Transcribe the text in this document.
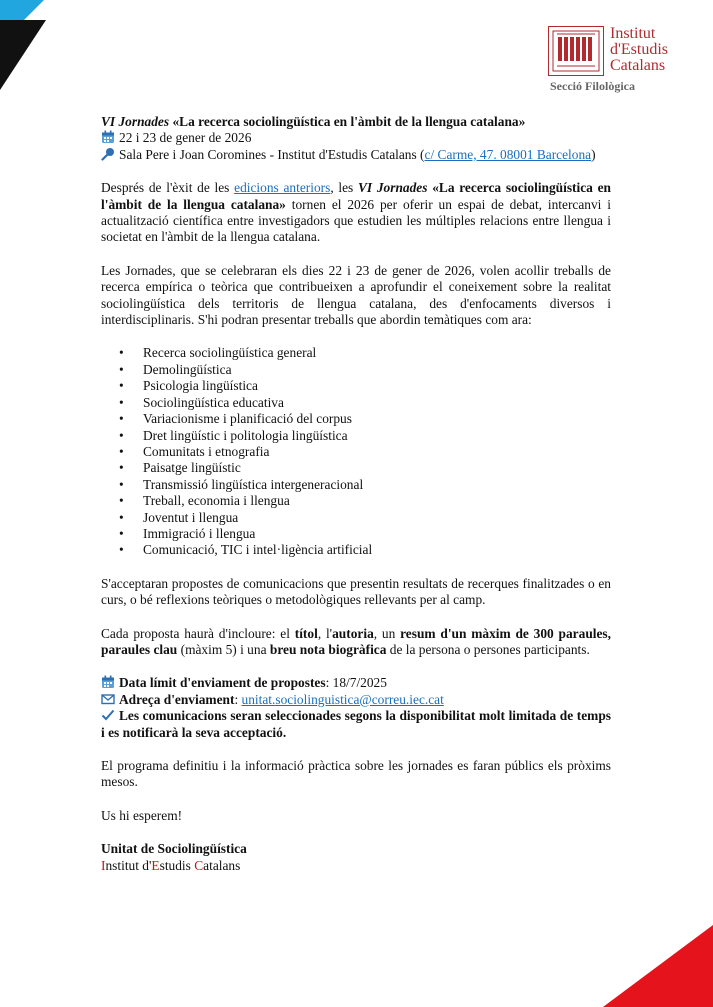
Institut
d'Estudis
Catalans
Secció Filològica

VI Jornades «La recerca sociolingüística en l'àmbit de la llengua catalana»

22 i 23 de gener de 2026

Sala Pere i Joan Coromines - Institut d'Estudis Catalans (c/ Carme, 47. 08001 Barcelona)

Després de l'èxit de les edicions anteriors, les VI Jornades «La recerca sociolingüística en l'àmbit de la llengua catalana» tornen el 2026 per oferir un espai de debat, intercanvi i actualització científica entre investigadors que estudien les múltiples relacions entre llengua i societat en l'àmbit de la llengua catalana.

Les Jornades, que se celebraran els dies 22 i 23 de gener de 2026, volen acollir treballs de recerca empírica o teòrica que contribueixen a aprofundir el coneixement sobre la realitat sociolingüística dels territoris de llengua catalana, des d'enfocaments diversos i interdisciplinaris. S'hi podran presentar treballs que abordin temàtiques com ara:

• Recerca sociolingüística general
• Demolingüística
• Psicologia lingüística
• Sociolingüística educativa
• Variacionisme i planificació del corpus
• Dret lingüístic i politologia lingüística
• Comunitats i etnografia
• Paisatge lingüístic
• Transmissió lingüística intergeneracional
• Treball, economia i llengua
• Joventut i llengua
• Immigració i llengua
• Comunicació, TIC i intel·ligència artificial

S'acceptaran propostes de comunicacions que presentin resultats de recerques finalitzades o en curs, o bé reflexions teòriques o metodològiques rellevants per al camp.

Cada proposta haurà d'incloure: el títol, l'autoria, un resum d'un màxim de 300 paraules, paraules clau (màxim 5) i una breu nota biogràfica de la persona o persones participants.

Data límit d'enviament de propostes: 18/7/2025

Adreça d'enviament: unitat.sociolinguistica@correu.iec.cat

Les comunicacions seran seleccionades segons la disponibilitat molt limitada de temps i es notificarà la seva acceptació.

El programa definitiu i la informació pràctica sobre les jornades es faran públics els pròxims mesos.

Us hi esperem!

Unitat de Sociolingüística

Institut d'Estudis Catalans
